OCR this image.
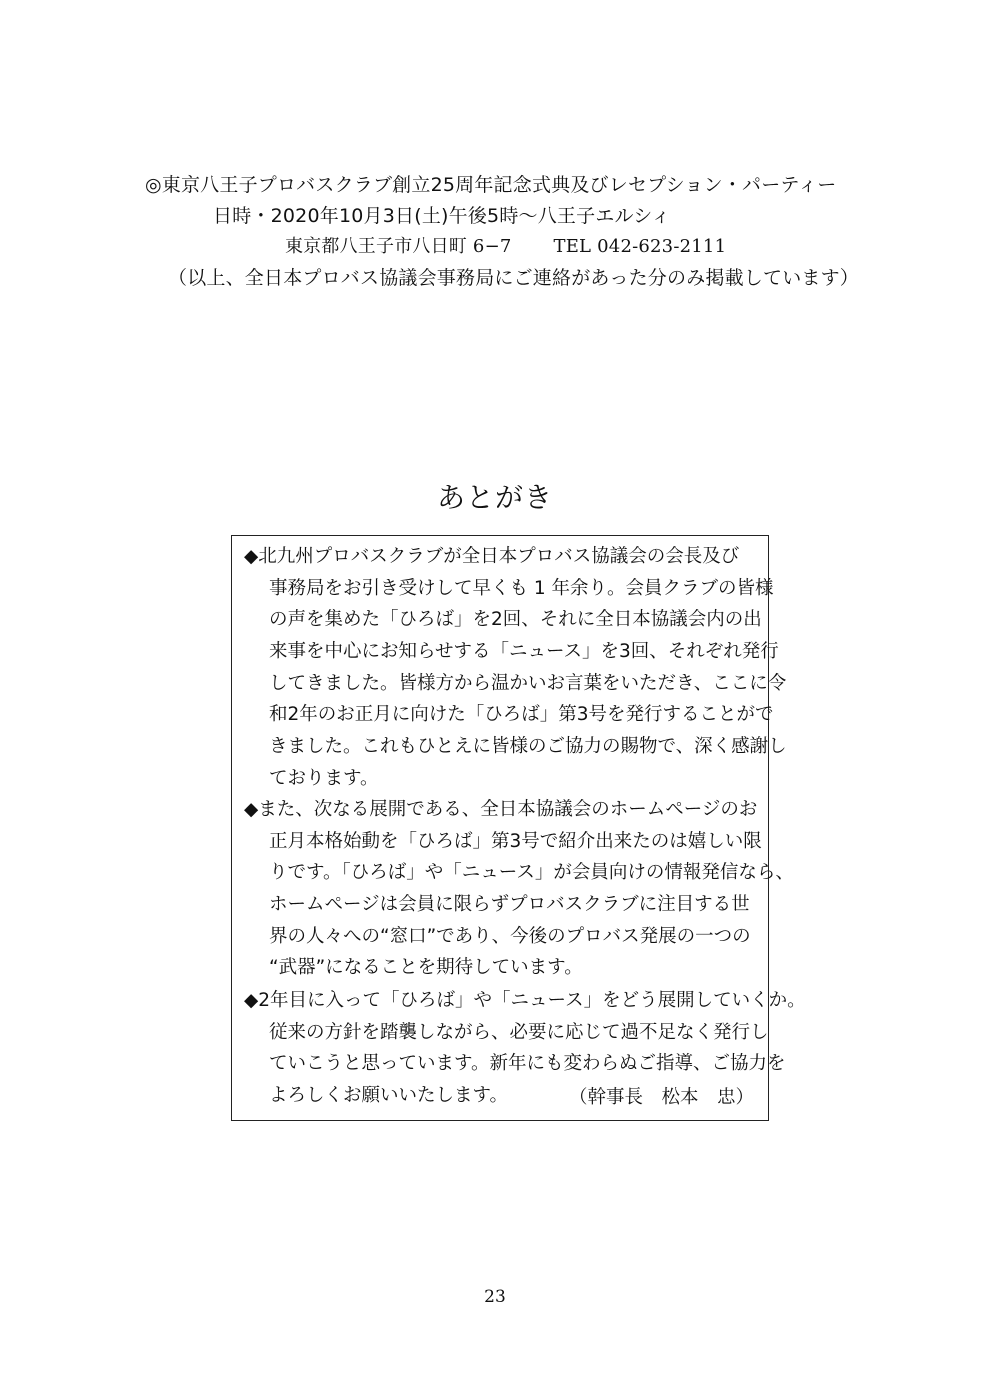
◎東京八王子プロバスクラブ創立25周年記念式典及びレセプション・パーティー
日時・2020年10月3日(土)午後5時～八王子エルシィ
東京都八王子市八日町 6−7 TEL 042-623-2111
（以上、全日本プロバス協議会事務局にご連絡があった分のみ掲載しています）
あとがき
◆北九州プロバスクラブが全日本プロバス協議会の会長及び
事務局をお引き受けして早くも 1 年余り。会員クラブの皆様
の声を集めた「ひろば」を2回、それに全日本協議会内の出
来事を中心にお知らせする「ニュース」を3回、それぞれ発行
してきました。皆様方から温かいお言葉をいただき、ここに令
和2年のお正月に向けた「ひろば」第3号を発行することがで
きました。これもひとえに皆様のご協力の賜物で、深く感謝し
ております。
◆また、次なる展開である、全日本協議会のホームページのお
正月本格始動を「ひろば」第3号で紹介出来たのは嬉しい限
りです。「ひろば」や「ニュース」が会員向けの情報発信なら、
ホームページは会員に限らずプロバスクラブに注目する世
界の人々への“窓口”であり、今後のプロバス発展の一つの
“武器”になることを期待しています。
◆2年目に入って「ひろば」や「ニュース」をどう展開していくか。
従来の方針を踏襲しながら、必要に応じて過不足なく発行し
ていこうと思っています。新年にも変わらぬご指導、ご協力を
よろしくお願いいたします。	（幹事長　松本　忠）
23
